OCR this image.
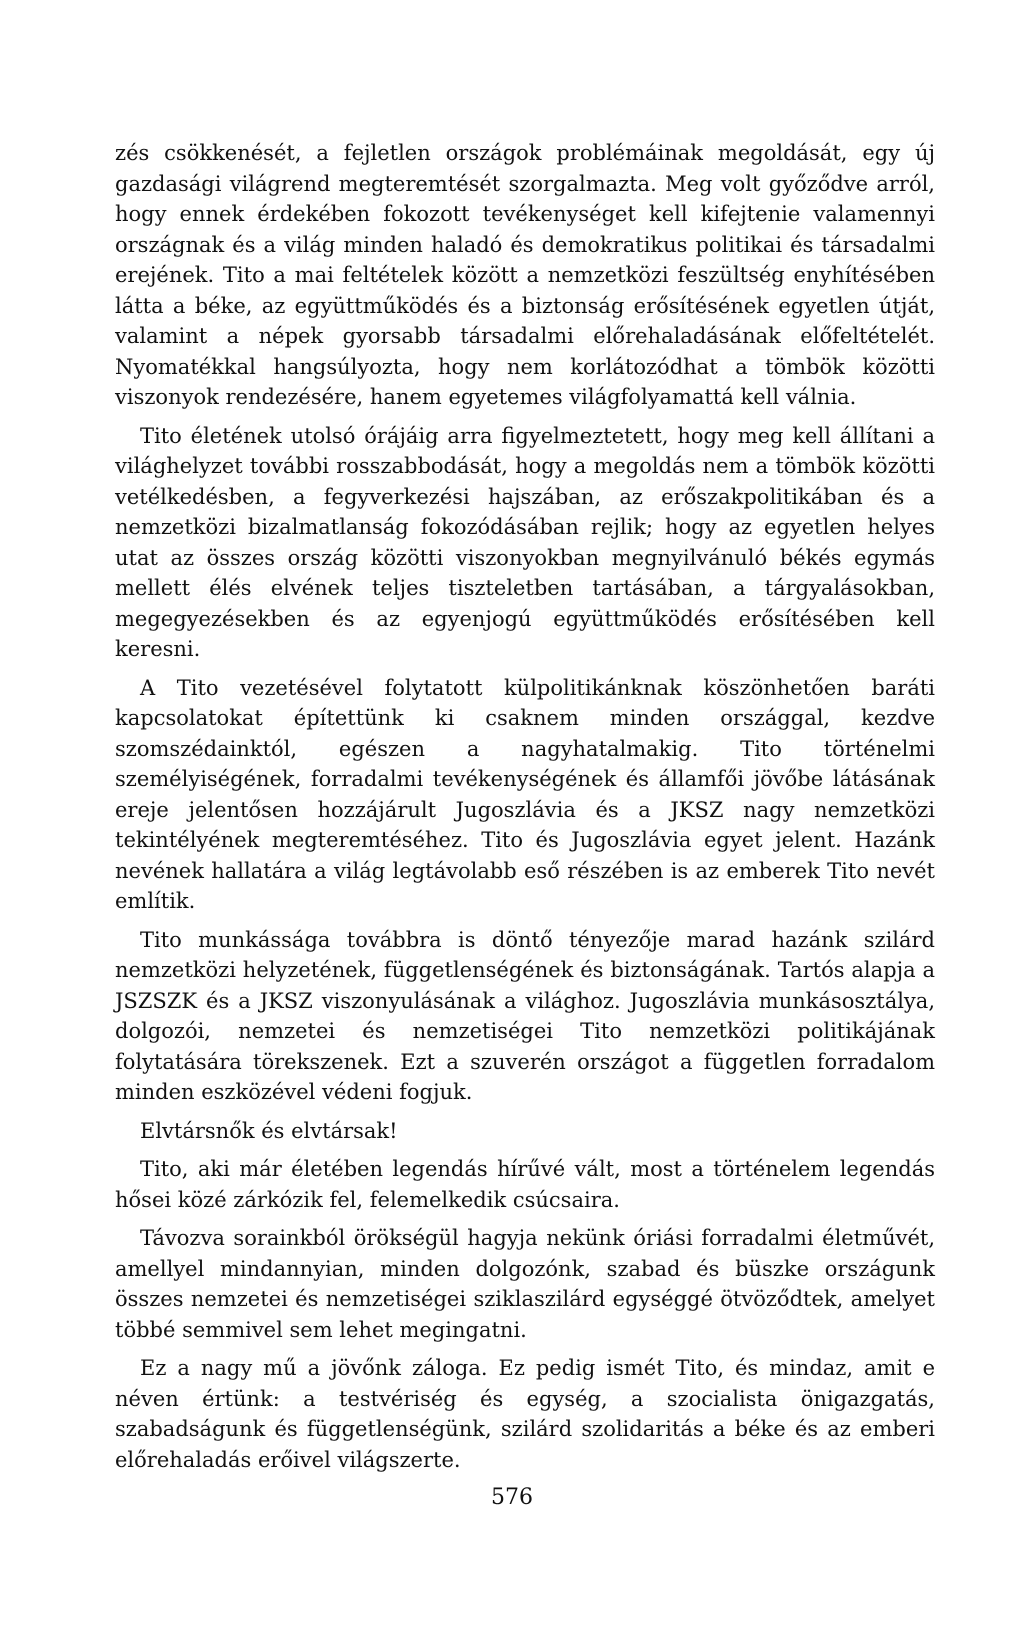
zés csökkenését, a fejletlen országok problémáinak megoldását, egy új gazdasági világrend megteremtését szorgalmazta. Meg volt győződve arról, hogy ennek érdekében fokozott tevékenységet kell kifejtenie valamennyi országnak és a világ minden haladó és demokratikus politikai és társadalmi erejének. Tito a mai feltételek között a nemzetközi feszültség enyhítésében látta a béke, az együttműködés és a biztonság erősítésének egyetlen útját, valamint a népek gyorsabb társadalmi előrehaladásának előfeltételét. Nyomatékkal hangsúlyozta, hogy nem korlátozódhat a tömbök közötti viszonyok rendezésére, hanem egyetemes világfolyamattá kell válnia.

Tito életének utolsó órájáig arra figyelmeztetett, hogy meg kell állítani a világhelyzet további rosszabbodását, hogy a megoldás nem a tömbök közötti vetélkedésben, a fegyverkezési hajszában, az erőszakpolitikában és a nemzetközi bizalmatlanság fokozódásában rejlik; hogy az egyetlen helyes utat az összes ország közötti viszonyokban megnyilvánuló békés egymás mellett élés elvének teljes tiszteletben tartásában, a tárgyalásokban, megegyezésekben és az egyenjogú együttműködés erősítésében kell keresni.

A Tito vezetésével folytatott külpolitikánknak köszönhetően baráti kapcsolatokat építettünk ki csaknem minden országgal, kezdve szomszédainktól, egészen a nagyhatalmakig. Tito történelmi személyiségének, forradalmi tevékenységének és államfői jövőbe látásának ereje jelentősen hozzájárult Jugoszlávia és a JKSZ nagy nemzetközi tekintélyének megteremtéséhez. Tito és Jugoszlávia egyet jelent. Hazánk nevének hallatára a világ legtávolabb eső részében is az emberek Tito nevét említik.

Tito munkássága továbbra is döntő tényezője marad hazánk szilárd nemzetközi helyzetének, függetlenségének és biztonságának. Tartós alapja a JSZSZK és a JKSZ viszonyulásának a világhoz. Jugoszlávia munkásosztálya, dolgozói, nemzetei és nemzetiségei Tito nemzetközi politikájának folytatására törekszenek. Ezt a szuverén országot a független forradalom minden eszközével védeni fogjuk.

Elvtársnők és elvtársak!

Tito, aki már életében legendás hírűvé vált, most a történelem legendás hősei közé zárkózik fel, felemelkedik csúcsaira.

Távozva sorainkból örökségül hagyja nekünk óriási forradalmi életművét, amellyel mindannyian, minden dolgozónk, szabad és büszke országunk összes nemzetei és nemzetiségei sziklaszilárd egységgé ötvöződtek, amelyet többé semmivel sem lehet megingatni.

Ez a nagy mű a jövőnk záloga. Ez pedig ismét Tito, és mindaz, amit e néven értünk: a testvériség és egység, a szocialista önigazgatás, szabadságunk és függetlenségünk, szilárd szolidaritás a béke és az emberi előrehaladás erőivel világszerte.

576
